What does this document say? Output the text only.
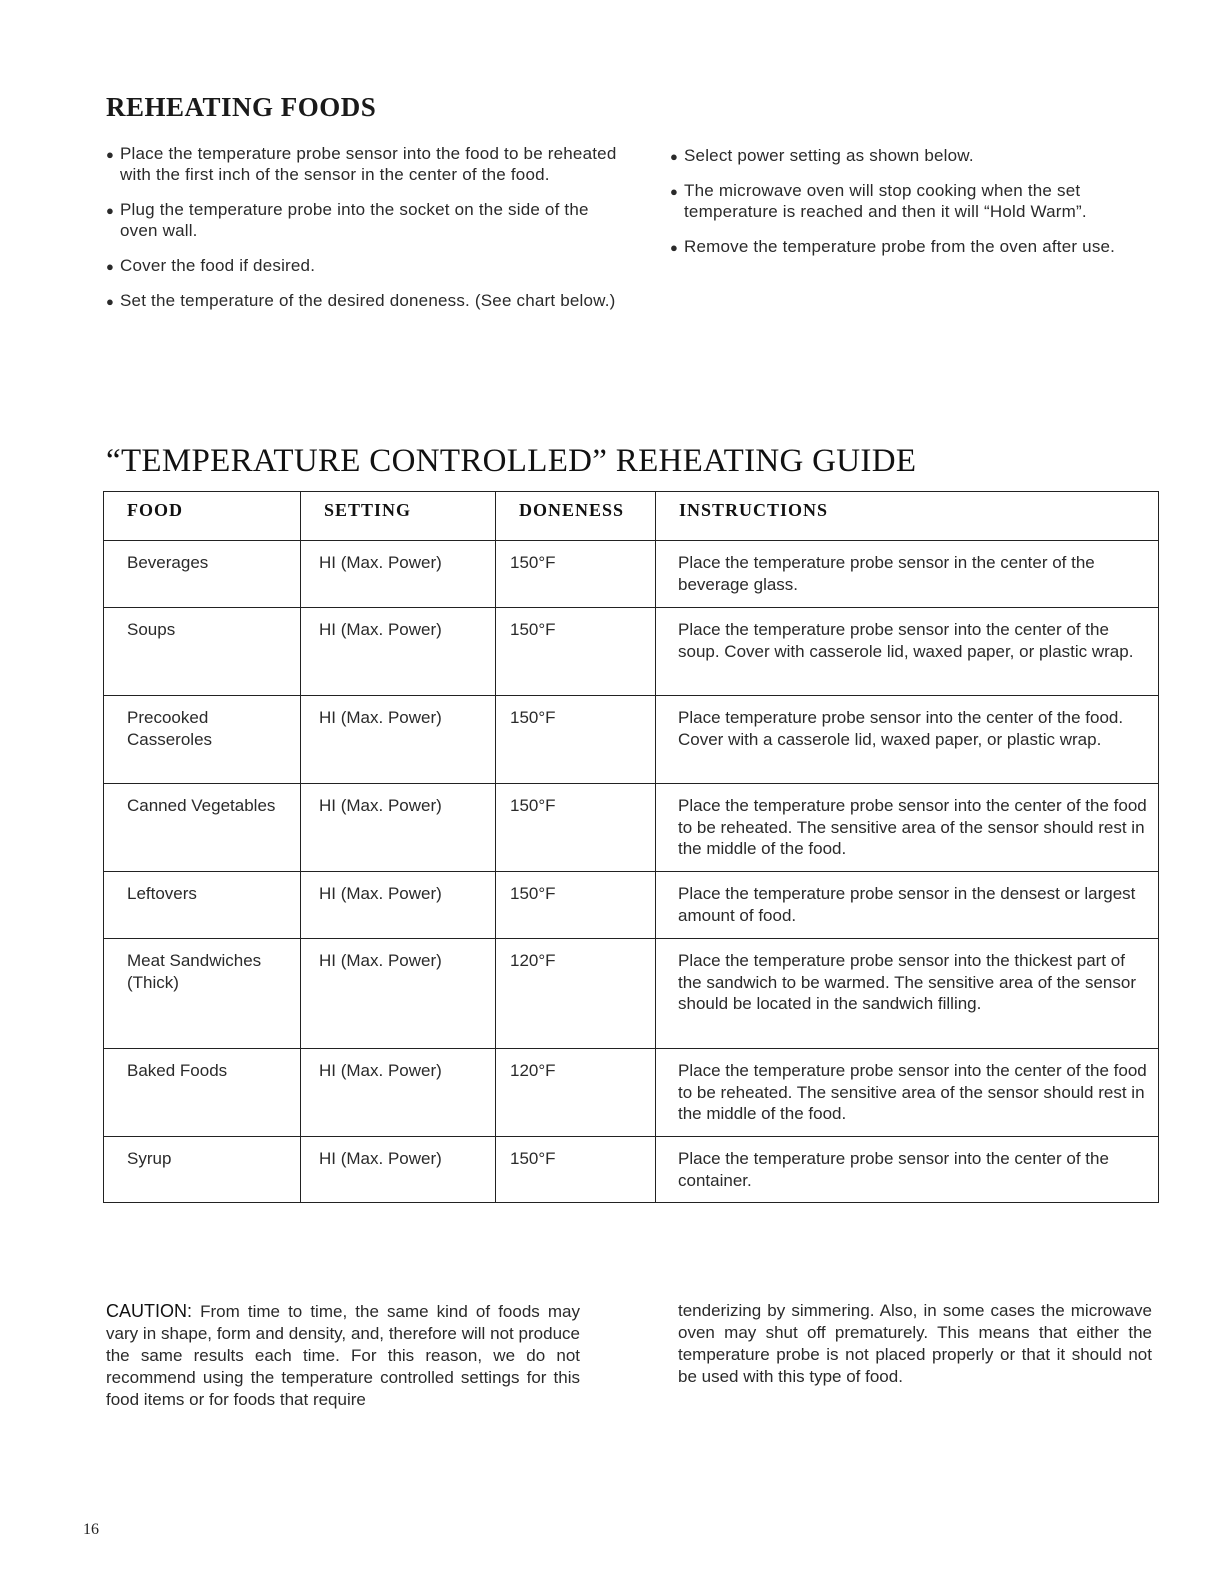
REHEATING FOODS
● Place the temperature probe sensor into the food to be reheated with the first inch of the sensor in the center of the food.
● Plug the temperature probe into the socket on the side of the oven wall.
● Cover the food if desired.
● Set the temperature of the desired doneness. (See chart below.)
● Select power setting as shown below.
● The microwave oven will stop cooking when the set temperature is reached and then it will “Hold Warm”.
● Remove the temperature probe from the oven after use.
“TEMPERATURE CONTROLLED” REHEATING GUIDE
FOOD	SETTING	DONENESS	INSTRUCTIONS
Beverages	HI (Max. Power)	150°F	Place the temperature probe sensor in the center of the beverage glass.
Soups	HI (Max. Power)	150°F	Place the temperature probe sensor into the center of the soup. Cover with casserole lid, waxed paper, or plastic wrap.
Precooked Casseroles	HI (Max. Power)	150°F	Place temperature probe sensor into the center of the food. Cover with a casserole lid, waxed paper, or plastic wrap.
Canned Vegetables	HI (Max. Power)	150°F	Place the temperature probe sensor into the center of the food to be reheated. The sensitive area of the sensor should rest in the middle of the food.
Leftovers	HI (Max. Power)	150°F	Place the temperature probe sensor in the densest or largest amount of food.
Meat Sandwiches (Thick)	HI (Max. Power)	120°F	Place the temperature probe sensor into the thickest part of the sandwich to be warmed. The sensitive area of the sensor should be located in the sandwich filling.
Baked Foods	HI (Max. Power)	120°F	Place the temperature probe sensor into the center of the food to be reheated. The sensitive area of the sensor should rest in the middle of the food.
Syrup	HI (Max. Power)	150°F	Place the temperature probe sensor into the center of the container.

CAUTION: From time to time, the same kind of foods may vary in shape, form and density, and, therefore will not produce the same results each time. For this reason, we do not recommend using the temperature controlled settings for this food items or for foods that require

tenderizing by simmering. Also, in some cases the microwave oven may shut off prematurely. This means that either the temperature probe is not placed properly or that it should not be used with this type of food.

16
